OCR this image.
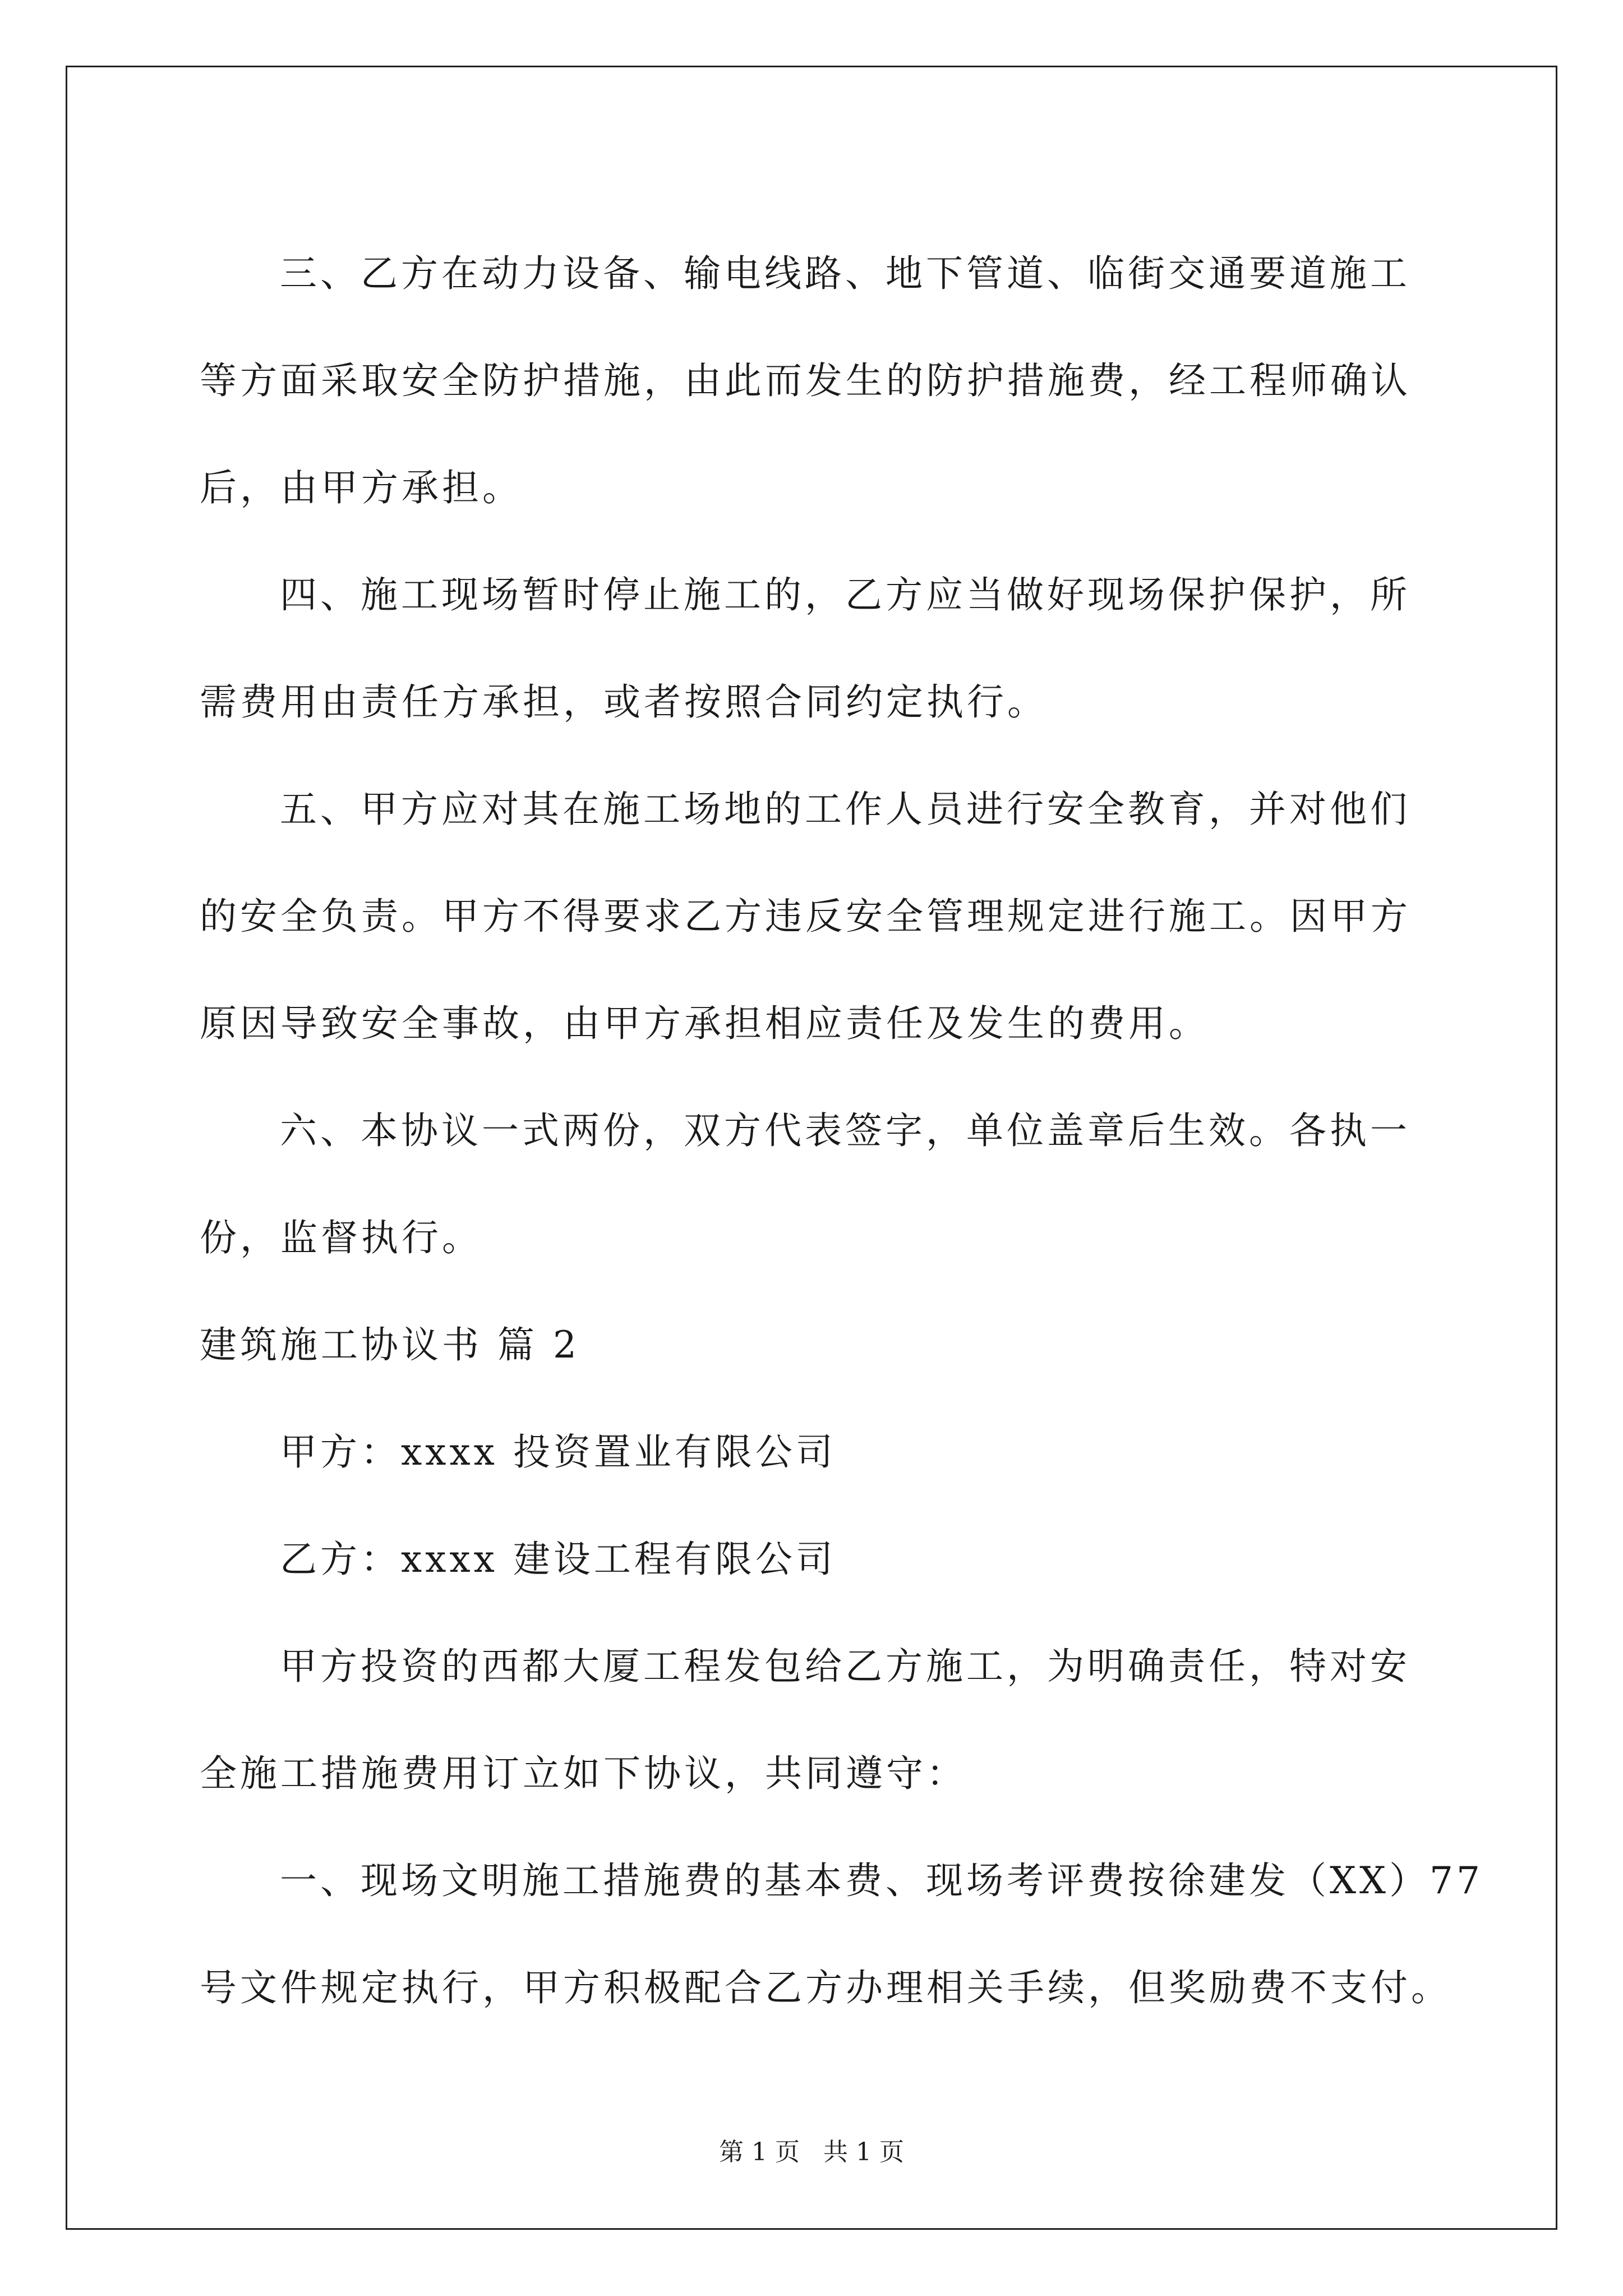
三、乙方在动力设备、输电线路、地下管道、临街交通要道施工

等方面采取安全防护措施，由此而发生的防护措施费，经工程师确认

后，由甲方承担。

四、施工现场暂时停止施工的，乙方应当做好现场保护保护，所

需费用由责任方承担，或者按照合同约定执行。

五、甲方应对其在施工场地的工作人员进行安全教育，并对他们

的安全负责。甲方不得要求乙方违反安全管理规定进行施工。因甲方

原因导致安全事故，由甲方承担相应责任及发生的费用。

六、本协议一式两份，双方代表签字，单位盖章后生效。各执一

份，监督执行。

建筑施工协议书 篇 2

甲方：xxxx 投资置业有限公司

乙方：xxxx 建设工程有限公司

甲方投资的西都大厦工程发包给乙方施工，为明确责任，特对安

全施工措施费用订立如下协议，共同遵守：

一、现场文明施工措施费的基本费、现场考评费按徐建发（XX）77

号文件规定执行，甲方积极配合乙方办理相关手续，但奖励费不支付。

第 1 页 共 1 页
